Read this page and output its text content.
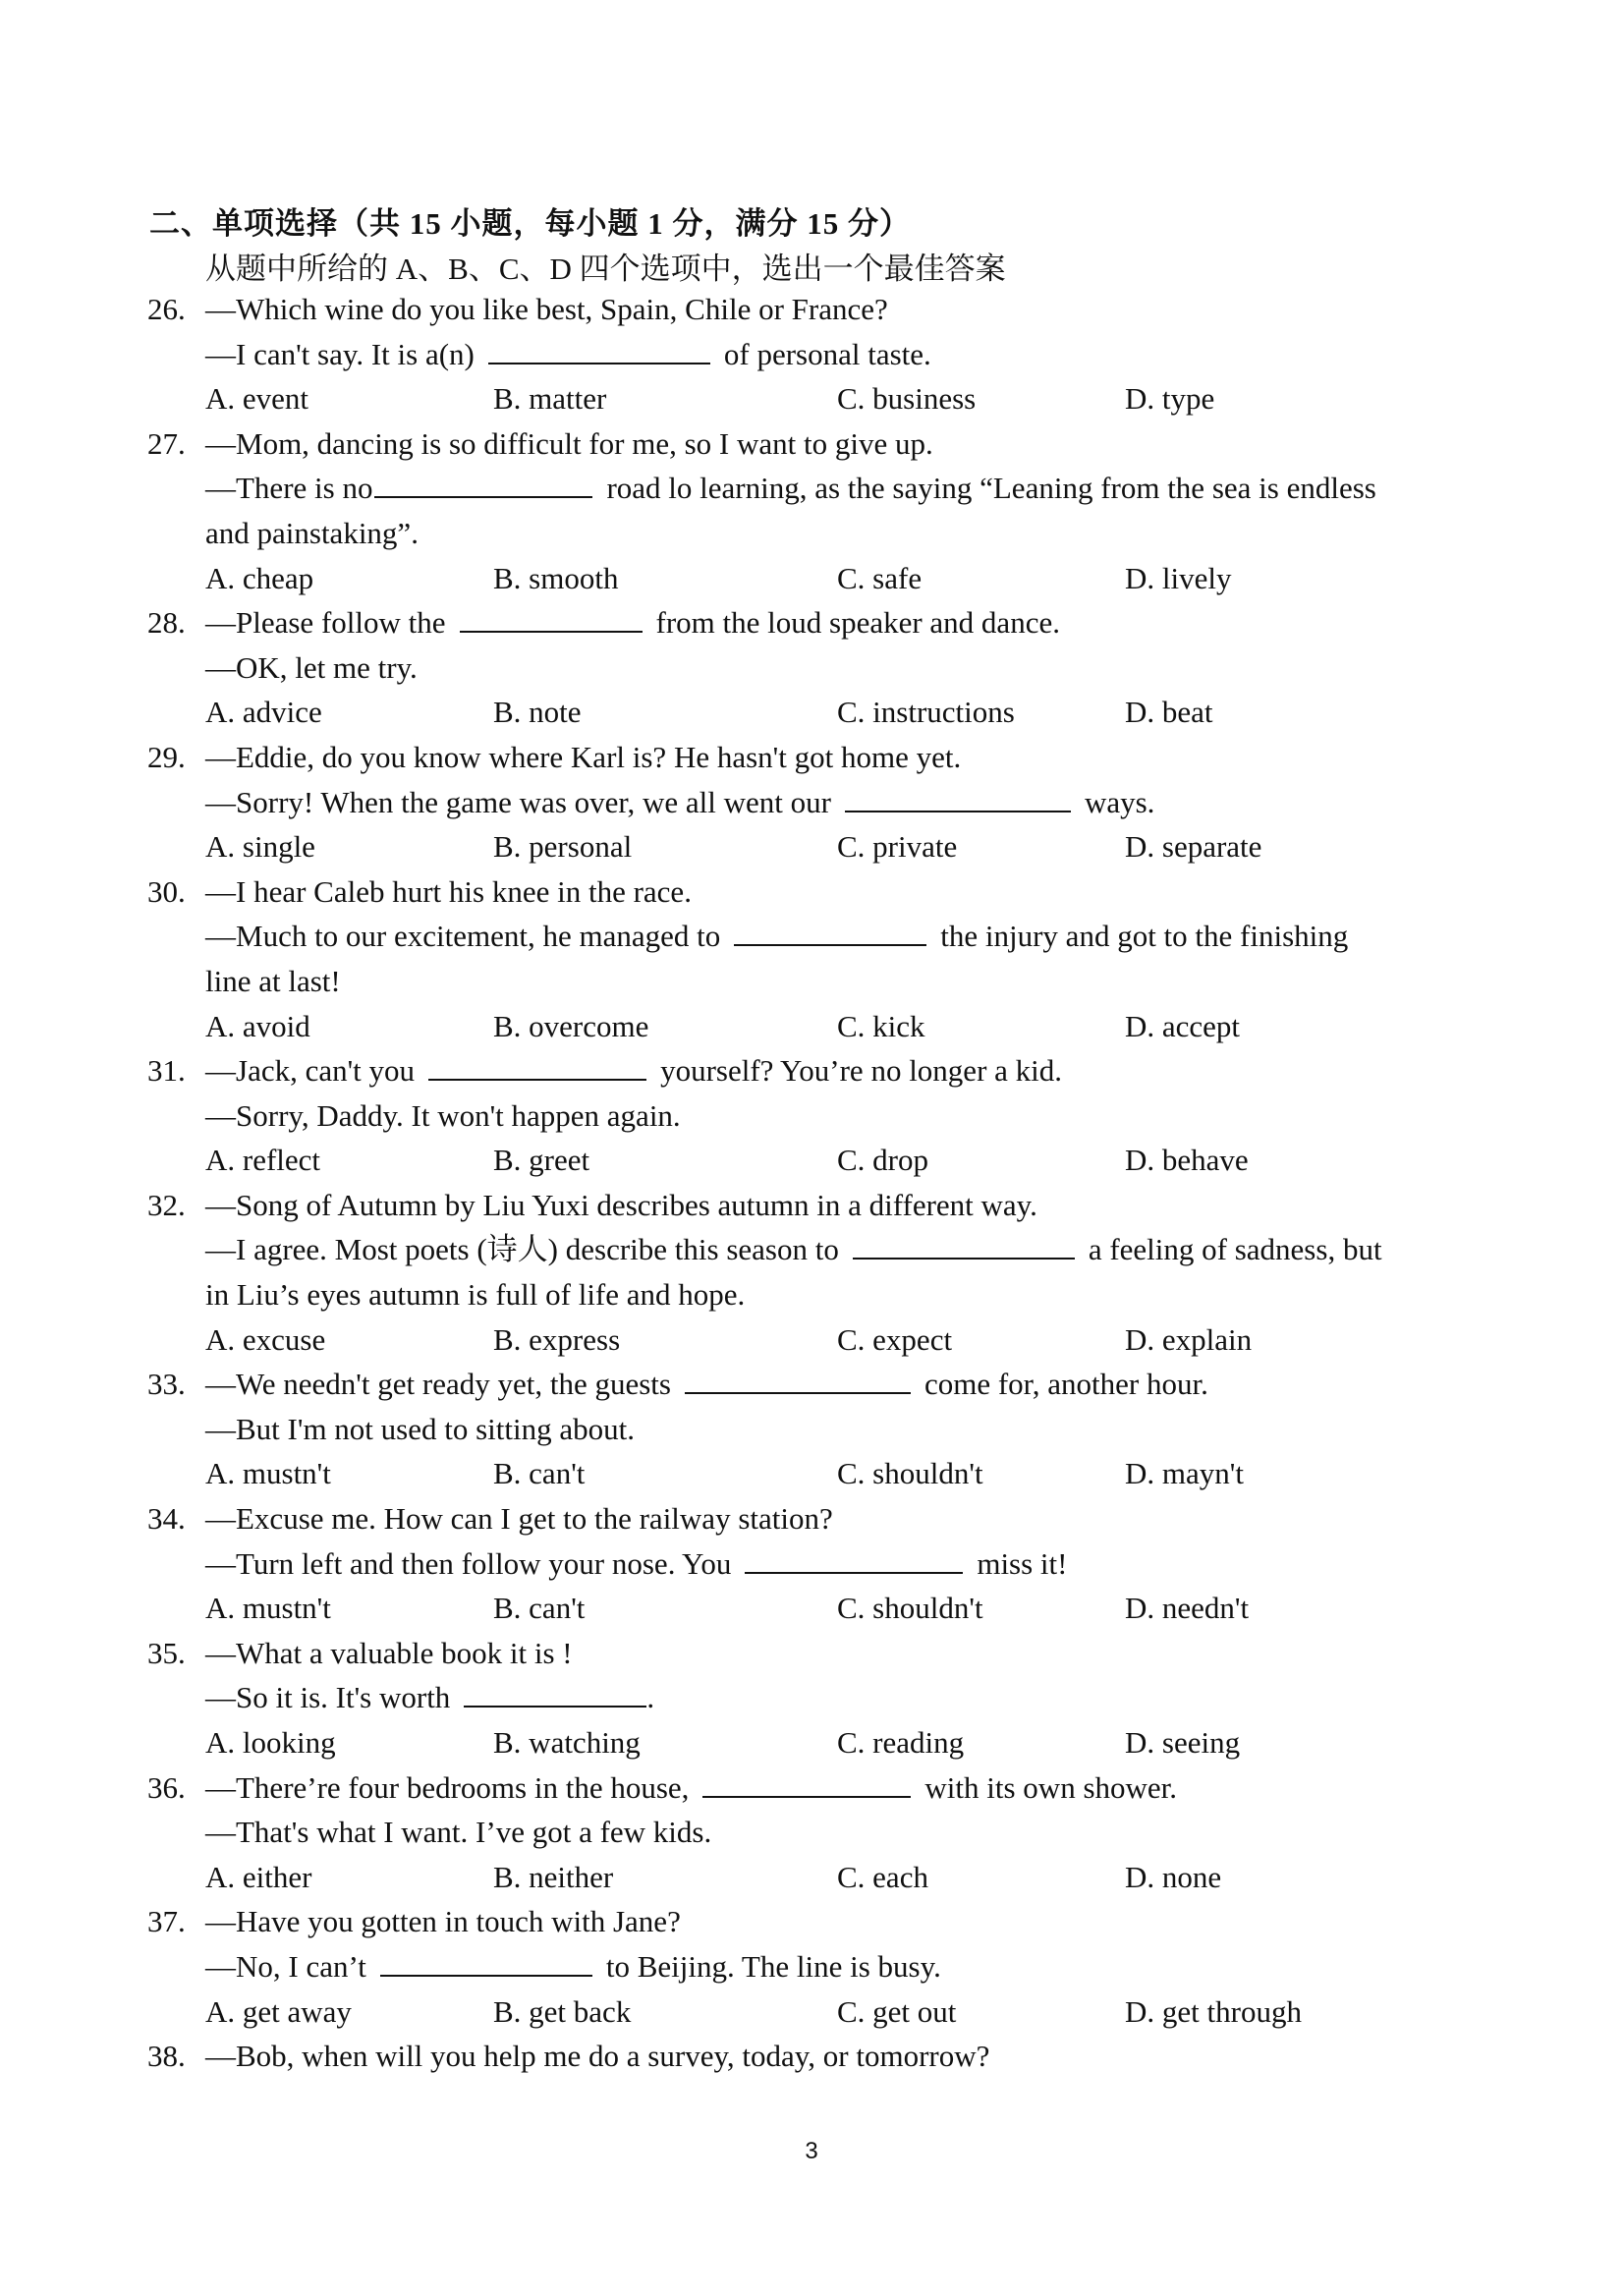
二、单项选择（共 15 小题，每小题 1 分，满分 15 分）
从题中所给的 A、B、C、D 四个选项中，选出一个最佳答案
26. —Which wine do you like best, Spain, Chile or France?
—I can't say. It is a(n)	of personal taste.
A. event	B. matter	C. business	D. type
27. —Mom, dancing is so difficult for me, so I want to give up.
—There is no	road lo learning, as the saying “Leaning from the sea is endless
and painstaking”.
A. cheap	B. smooth	C. safe	D. lively
28. —Please follow the	from the loud speaker and dance.
—OK, let me try.
A. advice	B. note	C. instructions	D. beat
29. —Eddie, do you know where Karl is? He hasn't got home yet.
—Sorry! When the game was over, we all went our	ways.
A. single	B. personal	C. private	D. separate
30. —I hear Caleb hurt his knee in the race.
—Much to our excitement, he managed to	the injury and got to the finishing
line at last!
A. avoid	B. overcome	C. kick	D. accept
31. —Jack, can't you	yourself? You’re no longer a kid.
—Sorry, Daddy. It won't happen again.
A. reflect	B. greet	C. drop	D. behave
32. —Song of Autumn by Liu Yuxi describes autumn in a different way.
—I agree. Most poets (诗人) describe this season to	a feeling of sadness, but
in Liu’s eyes autumn is full of life and hope.
A. excuse	B. express	C. expect	D. explain
33. —We needn't get ready yet, the guests	come for, another hour.
—But I'm not used to sitting about.
A. mustn't	B. can't	C. shouldn't	D. mayn't
34. —Excuse me. How can I get to the railway station?
—Turn left and then follow your nose. You	miss it!
A. mustn't	B. can't	C. shouldn't	D. needn't
35. —What a valuable book it is !
—So it is. It's worth	.
A. looking	B. watching	C. reading	D. seeing
36. —There’re four bedrooms in the house,	with its own shower.
—That's what I want. I’ve got a few kids.
A. either	B. neither	C. each	D. none
37. —Have you gotten in touch with Jane?
—No, I can’t	to Beijing. The line is busy.
A. get away	B. get back	C. get out	D. get through
38. —Bob, when will you help me do a survey, today, or tomorrow?
3
